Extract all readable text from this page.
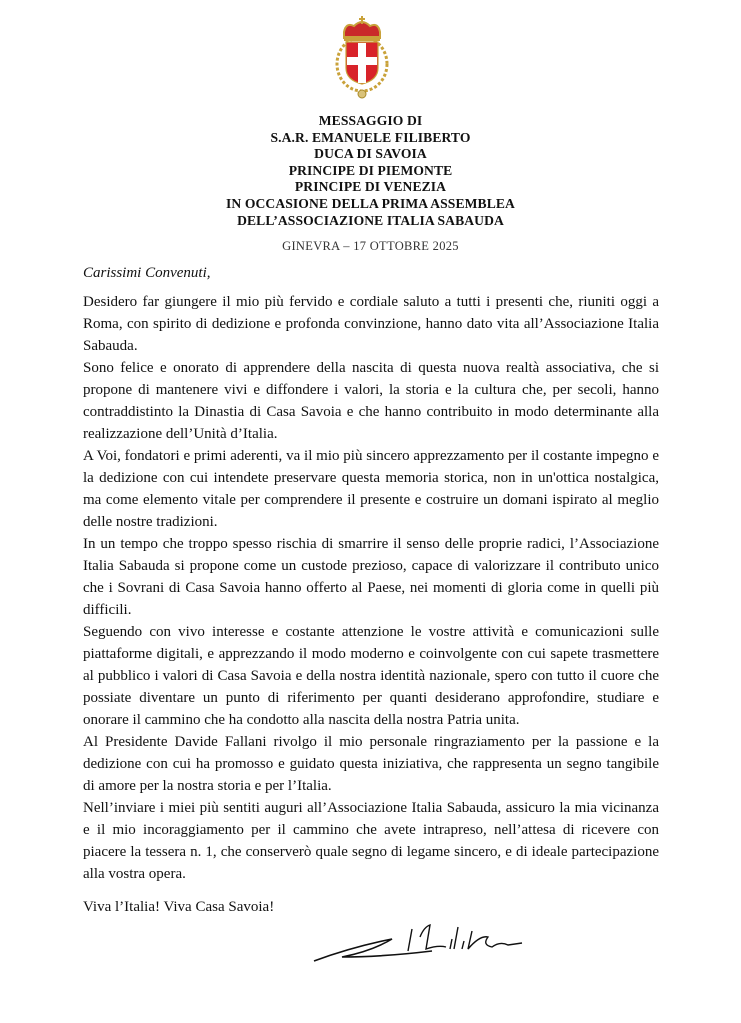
MESSAGGIO DI
S.A.R. EMANUELE FILIBERTO
DUCA DI SAVOIA
PRINCIPE DI PIEMONTE
PRINCIPE DI VENEZIA
IN OCCASIONE DELLA PRIMA ASSEMBLEA
DELL’ASSOCIAZIONE ITALIA SABAUDA
GINEVRA – 17 OTTOBRE 2025
Carissimi Convenuti,

Desidero far giungere il mio più fervido e cordiale saluto a tutti i presenti che, riuniti oggi a Roma, con spirito di dedizione e profonda convinzione, hanno dato vita all’Associazione Italia Sabauda.

Sono felice e onorato di apprendere della nascita di questa nuova realtà associativa, che si propone di mantenere vivi e diffondere i valori, la storia e la cultura che, per secoli, hanno contraddistinto la Dinastia di Casa Savoia e che hanno contribuito in modo determinante alla realizzazione dell’Unità d’Italia.

A Voi, fondatori e primi aderenti, va il mio più sincero apprezzamento per il costante impegno e la dedizione con cui intendete preservare questa memoria storica, non in un'ottica nostalgica, ma come elemento vitale per comprendere il presente e costruire un domani ispirato al meglio delle nostre tradizioni.

In un tempo che troppo spesso rischia di smarrire il senso delle proprie radici, l’Associazione Italia Sabauda si propone come un custode prezioso, capace di valorizzare il contributo unico che i Sovrani di Casa Savoia hanno offerto al Paese, nei momenti di gloria come in quelli più difficili.

Seguendo con vivo interesse e costante attenzione le vostre attività e comunicazioni sulle piattaforme digitali, e apprezzando il modo moderno e coinvolgente con cui sapete trasmettere al pubblico i valori di Casa Savoia e della nostra identità nazionale, spero con tutto il cuore che possiate diventare un punto di riferimento per quanti desiderano approfondire, studiare e onorare il cammino che ha condotto alla nascita della nostra Patria unita.

Al Presidente Davide Fallani rivolgo il mio personale ringraziamento per la passione e la dedizione con cui ha promosso e guidato questa iniziativa, che rappresenta un segno tangibile di amore per la nostra storia e per l’Italia.

Nell’inviare i miei più sentiti auguri all’Associazione Italia Sabauda, assicuro la mia vicinanza e il mio incoraggiamento per il cammino che avete intrapreso, nell’attesa di ricevere con piacere la tessera n. 1, che conserverò quale segno di legame sincero, e di ideale partecipazione alla vostra opera.

Viva l’Italia! Viva Casa Savoia!
